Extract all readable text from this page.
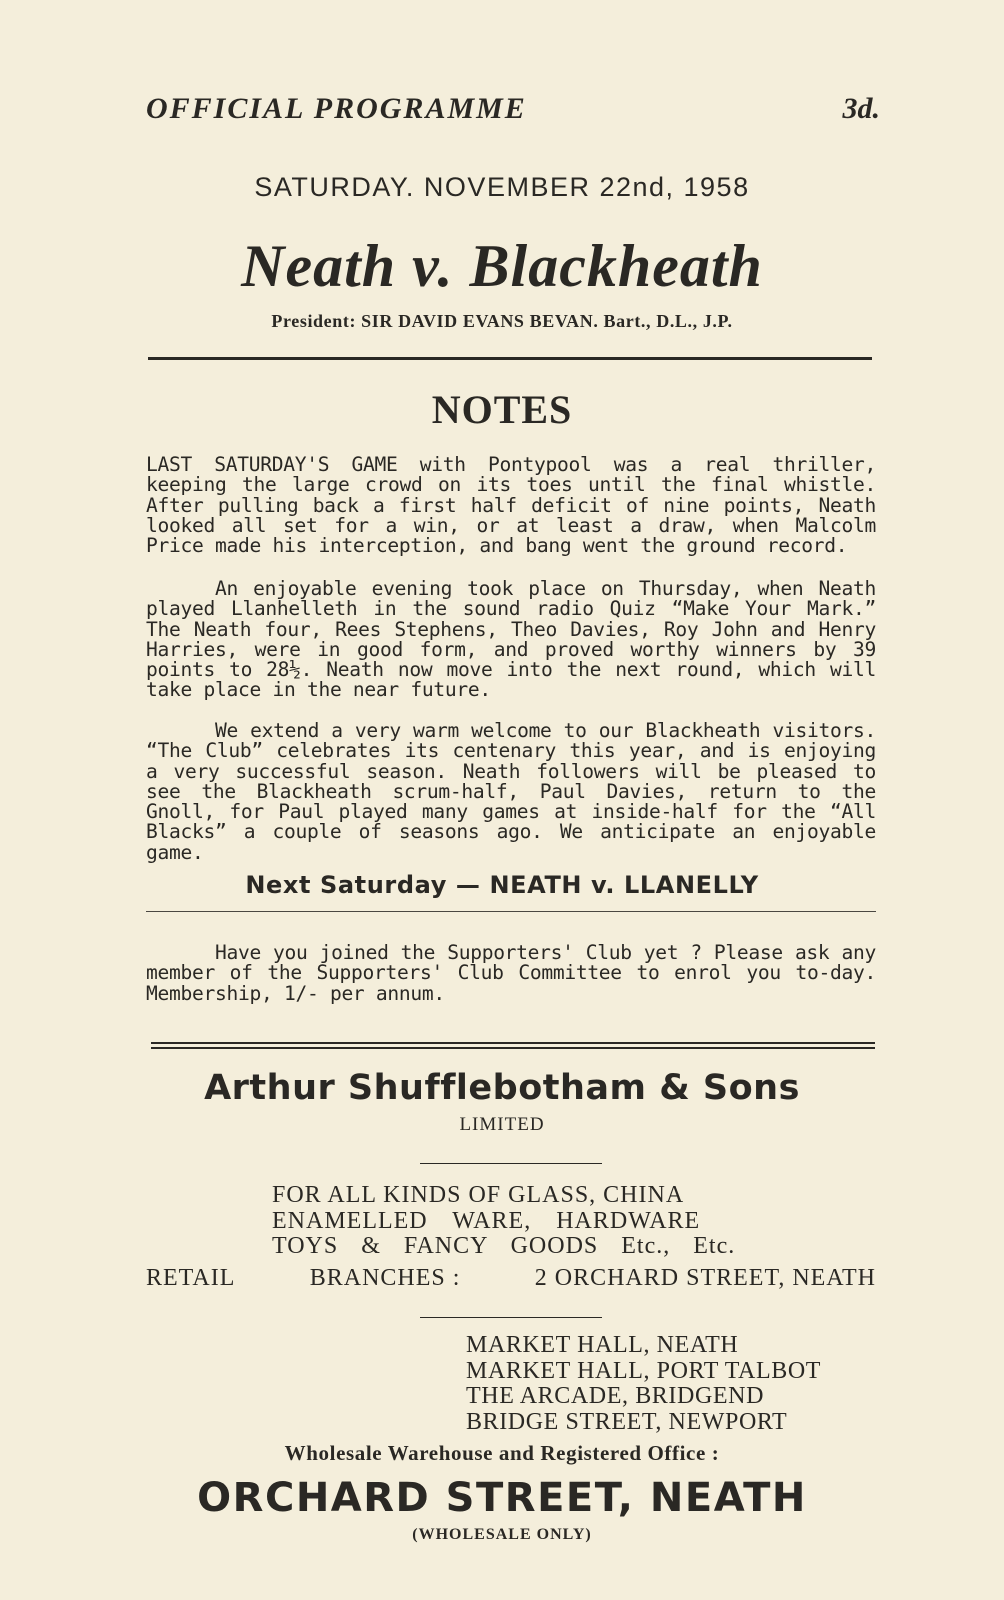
OFFICIAL PROGRAMME	3d.
SATURDAY. NOVEMBER 22nd, 1958
Neath v. Blackheath
President: SIR DAVID EVANS BEVAN. Bart., D.L., J.P.
NOTES
LAST SATURDAY'S GAME with Pontypool was a real thriller, keeping the large crowd on its toes until the final whistle. After pulling back a first half deficit of nine points, Neath looked all set for a win, or at least a draw, when Malcolm Price made his interception, and bang went the ground record.
An enjoyable evening took place on Thursday, when Neath played Llanhelleth in the sound radio Quiz “Make Your Mark.” The Neath four, Rees Stephens, Theo Davies, Roy John and Henry Harries, were in good form, and proved worthy winners by 39 points to 28½. Neath now move into the next round, which will take place in the near future.
We extend a very warm welcome to our Blackheath visitors. “The Club” celebrates its centenary this year, and is enjoying a very successful season. Neath followers will be pleased to see the Blackheath scrum-half, Paul Davies, return to the Gnoll, for Paul played many games at inside-half for the “All Blacks” a couple of seasons ago. We anticipate an enjoyable game.
Next Saturday — NEATH v. LLANELLY
Have you joined the Supporters' Club yet ? Please ask any member of the Supporters' Club Committee to enrol you to-day. Membership, 1/- per annum.
Arthur Shufflebotham & Sons
LIMITED
FOR ALL KINDS OF GLASS, CHINA
ENAMELLED WARE, HARDWARE
TOYS & FANCY GOODS Etc., Etc.
RETAIL	BRANCHES :	2 ORCHARD STREET, NEATH
MARKET HALL, NEATH
MARKET HALL, PORT TALBOT
THE ARCADE, BRIDGEND
BRIDGE STREET, NEWPORT
Wholesale Warehouse and Registered Office :
ORCHARD STREET, NEATH
(WHOLESALE ONLY)
